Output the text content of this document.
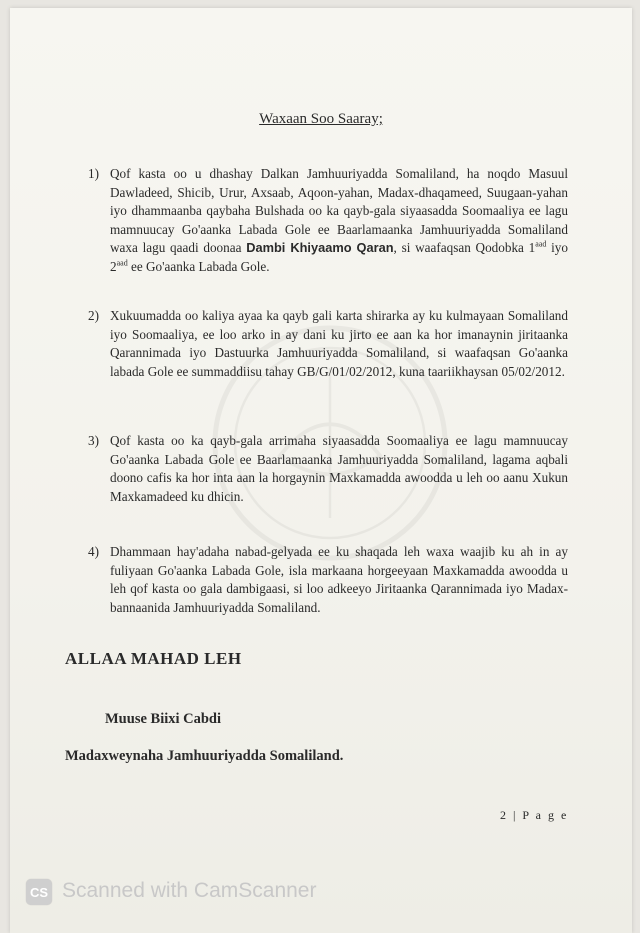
Waxaan Soo Saaray;
1) Qof kasta oo u dhashay Dalkan Jamhuuriyadda Somaliland, ha noqdo Masuul Dawladeed, Shicib, Urur, Axsaab, Aqoon-yahan, Madax-dhaqameed, Suugaan-yahan iyo dhammaanba qaybaha Bulshada oo ka qayb-gala siyaasadda Soomaaliya ee lagu mamnuucay Go'aanka Labada Gole ee Baarlamaanka Jamhuuriyadda Somaliland waxa lagu qaadi doonaa Dambi Khiyaamo Qaran, si waafaqsan Qodobka $1^{aad}$ iyo $2^{aad}$ ee Go'aanka Labada Gole.
2) Xukuumadda oo kaliya ayaa ka qayb gali karta shirarka ay ku kulmayaan Somaliland iyo Soomaaliya, ee loo arko in ay dani ku jirto ee aan ka hor imanaynin jiritaanka Qarannimada iyo Dastuurka Jamhuuriyadda Somaliland, si waafaqsan Go'aanka labada Gole ee summaddiisu tahay GB/G/01/02/2012, kuna taariikhaysan 05/02/2012.
3) Qof kasta oo ka qayb-gala arrimaha siyaasadda Soomaaliya ee lagu mamnuucay Go'aanka Labada Gole ee Baarlamaanka Jamhuuriyadda Somaliland, lagama aqbali doono cafis ka hor inta aan la horgaynin Maxkamadda awoodda u leh oo aanu Xukun Maxkamadeed ku dhicin.
4) Dhammaan hay'adaha nabad-gelyada ee ku shaqada leh waxa waajib ku ah in ay fuliyaan Go'aanka Labada Gole, isla markaana horgeeyaan Maxkamadda awoodda u leh qof kasta oo gala dambigaasi, si loo adkeeyo Jiritaanka Qarannimada iyo Madax-bannaanida Jamhuuriyadda Somaliland.
ALLAA MAHAD LEH
Muuse Biixi Cabdi
Madaxweynaha Jamhuuriyadda Somaliland.
2 | P a g e
CS Scanned with CamScanner
